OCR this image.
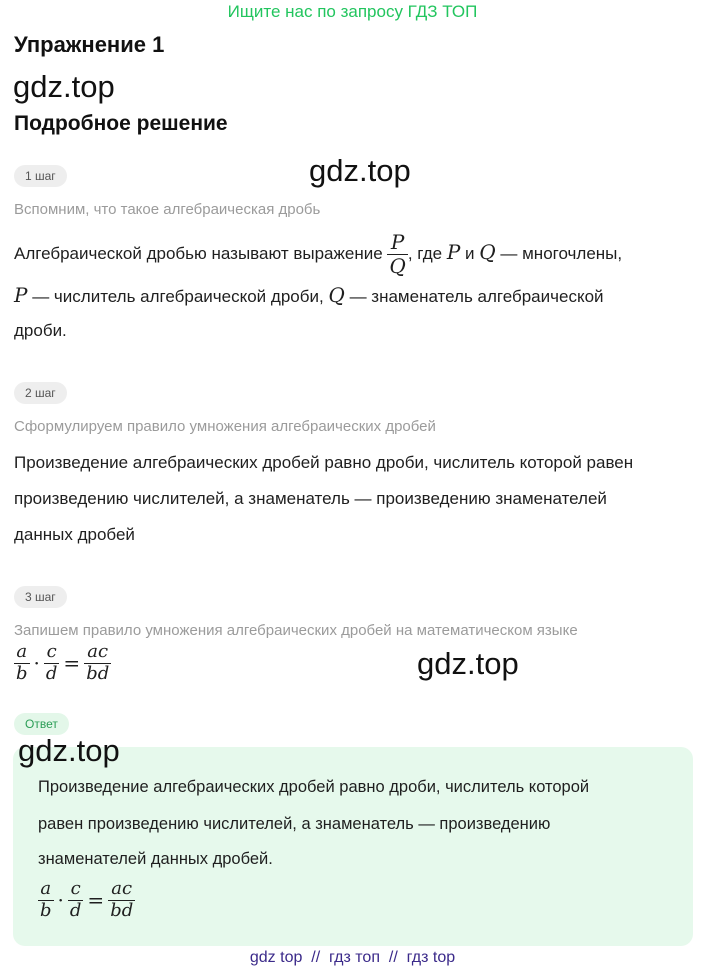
Ищите нас по запросу ГДЗ ТОП
Упражнение 1
gdz.top
Подробное решение
1 шаг	gdz.top
Вспомним, что такое алгебраическая дробь
Алгебраической дробью называют выражение $\frac{P}{Q}$ , где P и Q — многочлены,
P — числитель алгебраической дроби, Q — знаменатель алгебраической
дроби.
2 шаг
Сформулируем правило умножения алгебраических дробей
Произведение алгебраических дробей равно дроби, числитель которой равен
произведению числителей, а знаменатель — произведению знаменателей
данных дробей
3 шаг
Запишем правило умножения алгебраических дробей на математическом языке
$\frac{a}{b} \cdot \frac{c}{d} = \frac{ac}{bd}$	gdz.top
Ответ
gdz.top
Произведение алгебраических дробей равно дроби, числитель которой
равен произведению числителей, а знаменатель — произведению
знаменателей данных дробей.
$\frac{a}{b} \cdot \frac{c}{d} = \frac{ac}{bd}$
gdz top  //  гдз топ  //  гдз top
